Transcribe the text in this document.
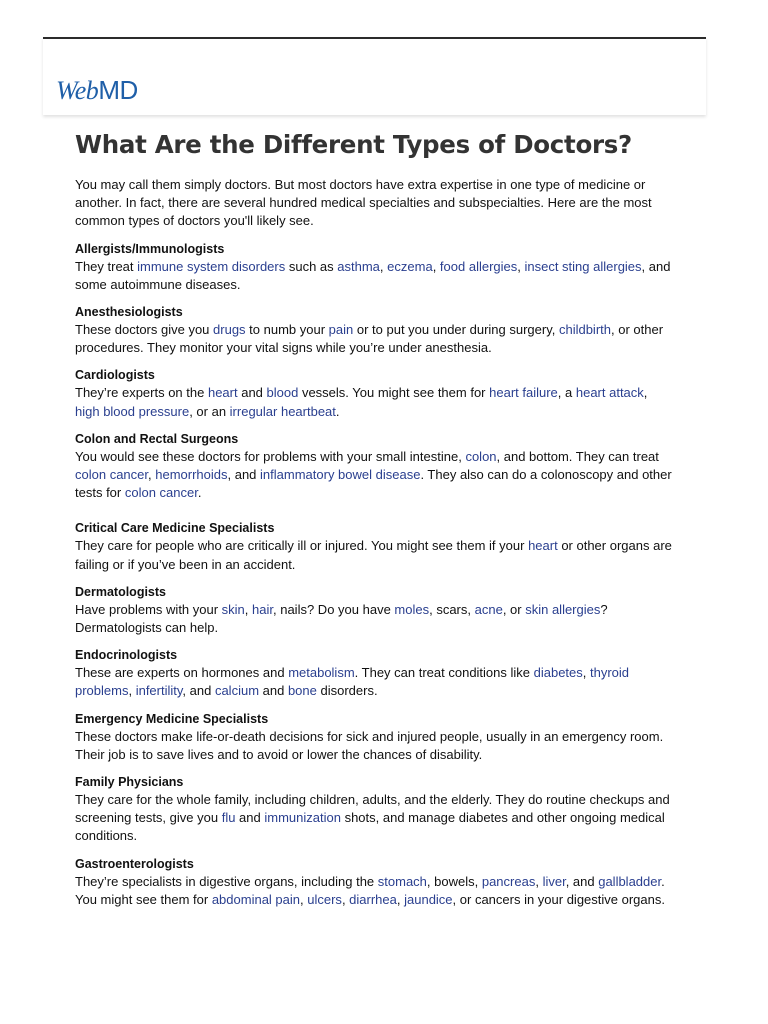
WebMD
What Are the Different Types of Doctors?

You may call them simply doctors. But most doctors have extra expertise in one type of medicine or another. In fact, there are several hundred medical specialties and subspecialties. Here are the most common types of doctors you'll likely see.

Allergists/Immunologists

They treat immune system disorders such as asthma, eczema, food allergies, insect sting allergies, and some autoimmune diseases.

Anesthesiologists

These doctors give you drugs to numb your pain or to put you under during surgery, childbirth, or other procedures. They monitor your vital signs while you’re under anesthesia.

Cardiologists

They’re experts on the heart and blood vessels. You might see them for heart failure, a heart attack, high blood pressure, or an irregular heartbeat.

Colon and Rectal Surgeons

You would see these doctors for problems with your small intestine, colon, and bottom. They can treat colon cancer, hemorrhoids, and inflammatory bowel disease. They also can do a colonoscopy and other tests for colon cancer.

Critical Care Medicine Specialists

They care for people who are critically ill or injured. You might see them if your heart or other organs are failing or if you’ve been in an accident.

Dermatologists

Have problems with your skin, hair, nails? Do you have moles, scars, acne, or skin allergies? Dermatologists can help.

Endocrinologists

These are experts on hormones and metabolism. They can treat conditions like diabetes, thyroid problems, infertility, and calcium and bone disorders.

Emergency Medicine Specialists

These doctors make life-or-death decisions for sick and injured people, usually in an emergency room. Their job is to save lives and to avoid or lower the chances of disability.

Family Physicians

They care for the whole family, including children, adults, and the elderly. They do routine checkups and screening tests, give you flu and immunization shots, and manage diabetes and other ongoing medical conditions.

Gastroenterologists

They’re specialists in digestive organs, including the stomach, bowels, pancreas, liver, and gallbladder. You might see them for abdominal pain, ulcers, diarrhea, jaundice, or cancers in your digestive organs.
